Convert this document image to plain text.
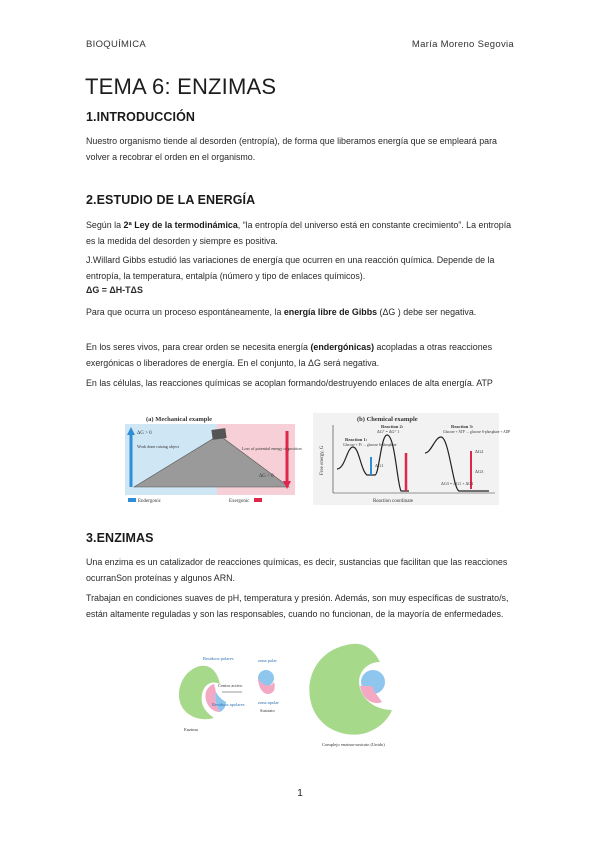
BIOQUÍMICA	María Moreno Segovia
TEMA 6: ENZIMAS
1.INTRODUCCIÓN
Nuestro organismo tiende al desorden (entropía), de forma que liberamos energía que se empleará para volver a recobrar el orden en el organismo.
2.ESTUDIO DE LA ENERGÍA
Según la 2ª Ley de la termodinámica, “la entropía del universo está en constante crecimiento”. La entropía es la medida del desorden y siempre es positiva.
J.Willard Gibbs estudió las variaciones de energía que ocurren en una reacción química. Depende de la entropía, la temperatura, entalpía (número y tipo de enlaces químicos).
ΔG = ΔH-TΔS
Para que ocurra un proceso espontáneamente, la energía libre de Gibbs (ΔG ) debe ser negativa.
En los seres vivos, para crear orden se necesita energía (endergónicas) acopladas a otras reacciones exergónicas o liberadores de energía. En el conjunto, la ΔG será negativa.
En las células, las reacciones químicas se acoplan formando/destruyendo enlaces de alta energía. ATP
(a) Mechanical example
ΔG > 0
Work done raising object	Loss of potential energy of position
ΔG < 0
Endergonic	Exergonic
(b) Chemical example
Free energy, G
Reaction coordinate
Reaction 2:
ΔG° = ΔG° 1
Reaction 1:
Glucose + Pi → glucose 6-phosphate
Reaction 3:
Glucose + ATP → glucose 6-phosphate + ADP
ΔG1
ΔG2
ΔG3
ΔG3 = ΔG1 + ΔG2
3.ENZIMAS
Una enzima es un catalizador de reacciones químicas, es decir, sustancias que facilitan que las reacciones ocurranSon proteínas y algunos ARN.
Trabajan en condiciones suaves de pH, temperatura y presión. Además, son muy específicas de sustrato/s, están altamente reguladas y son las responsables, cuando no funcionan, de la mayoría de enfermedades.
Residuos polares
Centro activo
Residuos apolares
Enzima
zona polar
zona apolar
Sustrato
Complejo enzima-sustrato (Unido)
1
